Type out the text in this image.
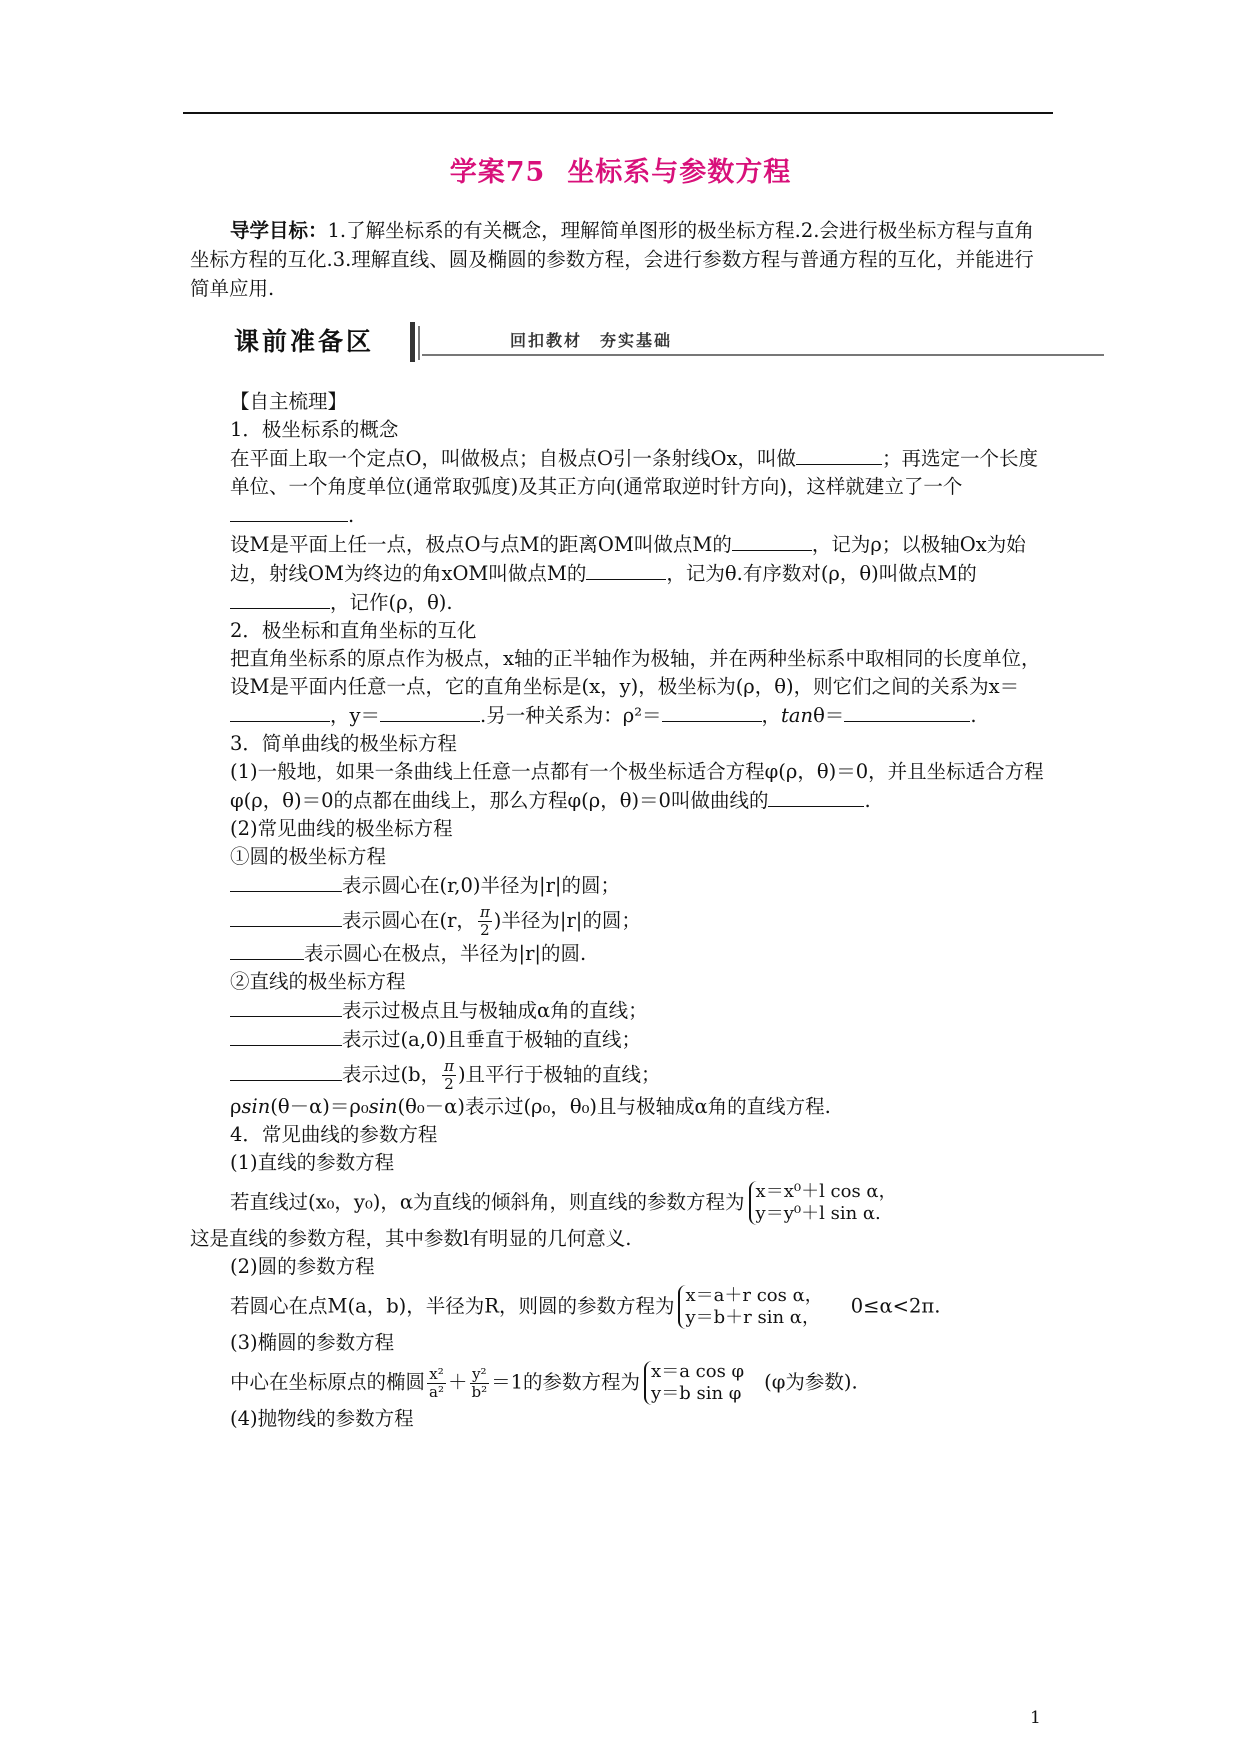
学案75 坐标系与参数方程
导学目标：1.了解坐标系的有关概念，理解简单图形的极坐标方程.2.会进行极坐标方程与直角坐标方程的互化.3.理解直线、圆及椭圆的参数方程，会进行参数方程与普通方程的互化，并能进行简单应用.
课前准备区	回扣教材　夯实基础

【自主梳理】

1．极坐标系的概念

在平面上取一个定点O，叫做极点；自极点O引一条射线Ox，叫做	；再选定一个长度单位、一个角度单位(通常取弧度)及其正方向(通常取逆时针方向)，这样就建立了一个.

设M是平面上任一点，极点O与点M的距离OM叫做点M的	，记为ρ；以极轴Ox为始边，射线OM为终边的角xOM叫做点M的	，记为θ.有序数对(ρ，θ)叫做点M的，记作(ρ，θ).

2．极坐标和直角坐标的互化

把直角坐标系的原点作为极点，x轴的正半轴作为极轴，并在两种坐标系中取相同的长度单位，设M是平面内任意一点，它的直角坐标是(x，y)，极坐标为(ρ，θ)，则它们之间的关系为x＝，y＝	.另一种关系为：ρ²＝	，tanθ＝	.

3．简单曲线的极坐标方程

(1)一般地，如果一条曲线上任意一点都有一个极坐标适合方程φ(ρ，θ)＝0，并且坐标适合方程φ(ρ，θ)＝0的点都在曲线上，那么方程φ(ρ，θ)＝0叫做曲线的	.

(2)常见曲线的极坐标方程

①圆的极坐标方程

表示圆心在(r,0)半径为|r|的圆；

表示圆心在(r， $\frac{\pi}{2}$ )半径为|r|的圆；

表示圆心在极点，半径为|r|的圆.

②直线的极坐标方程

表示过极点且与极轴成α角的直线；

表示过(a,0)且垂直于极轴的直线；

表示过(b， $\frac{\pi}{2}$ )且平行于极轴的直线；

ρsin(θ－α)＝ρ₀sin(θ₀－α)表示过(ρ₀，θ₀)且与极轴成α角的直线方程.

4．常见曲线的参数方程

(1)直线的参数方程

若直线过(x₀，y₀)，α为直线的倾斜角，则直线的参数方程为 x＝x⁰＋l cos α，
y＝y⁰＋l sin α.

这是直线的参数方程，其中参数l有明显的几何意义.

(2)圆的参数方程

若圆心在点M(a，b)，半径为R，则圆的参数方程为 x＝a＋r cos α，
y＝b＋r sin α， 0≤α<2π.

(3)椭圆的参数方程

中心在坐标原点的椭圆 $\frac{\text{x²}}{\text{a²}} + \frac{\text{y²}}{\text{b²}} =1$的参数方程为 x＝a cos φ
y＝b sin φ (φ为参数).

(4)抛物线的参数方程

1
